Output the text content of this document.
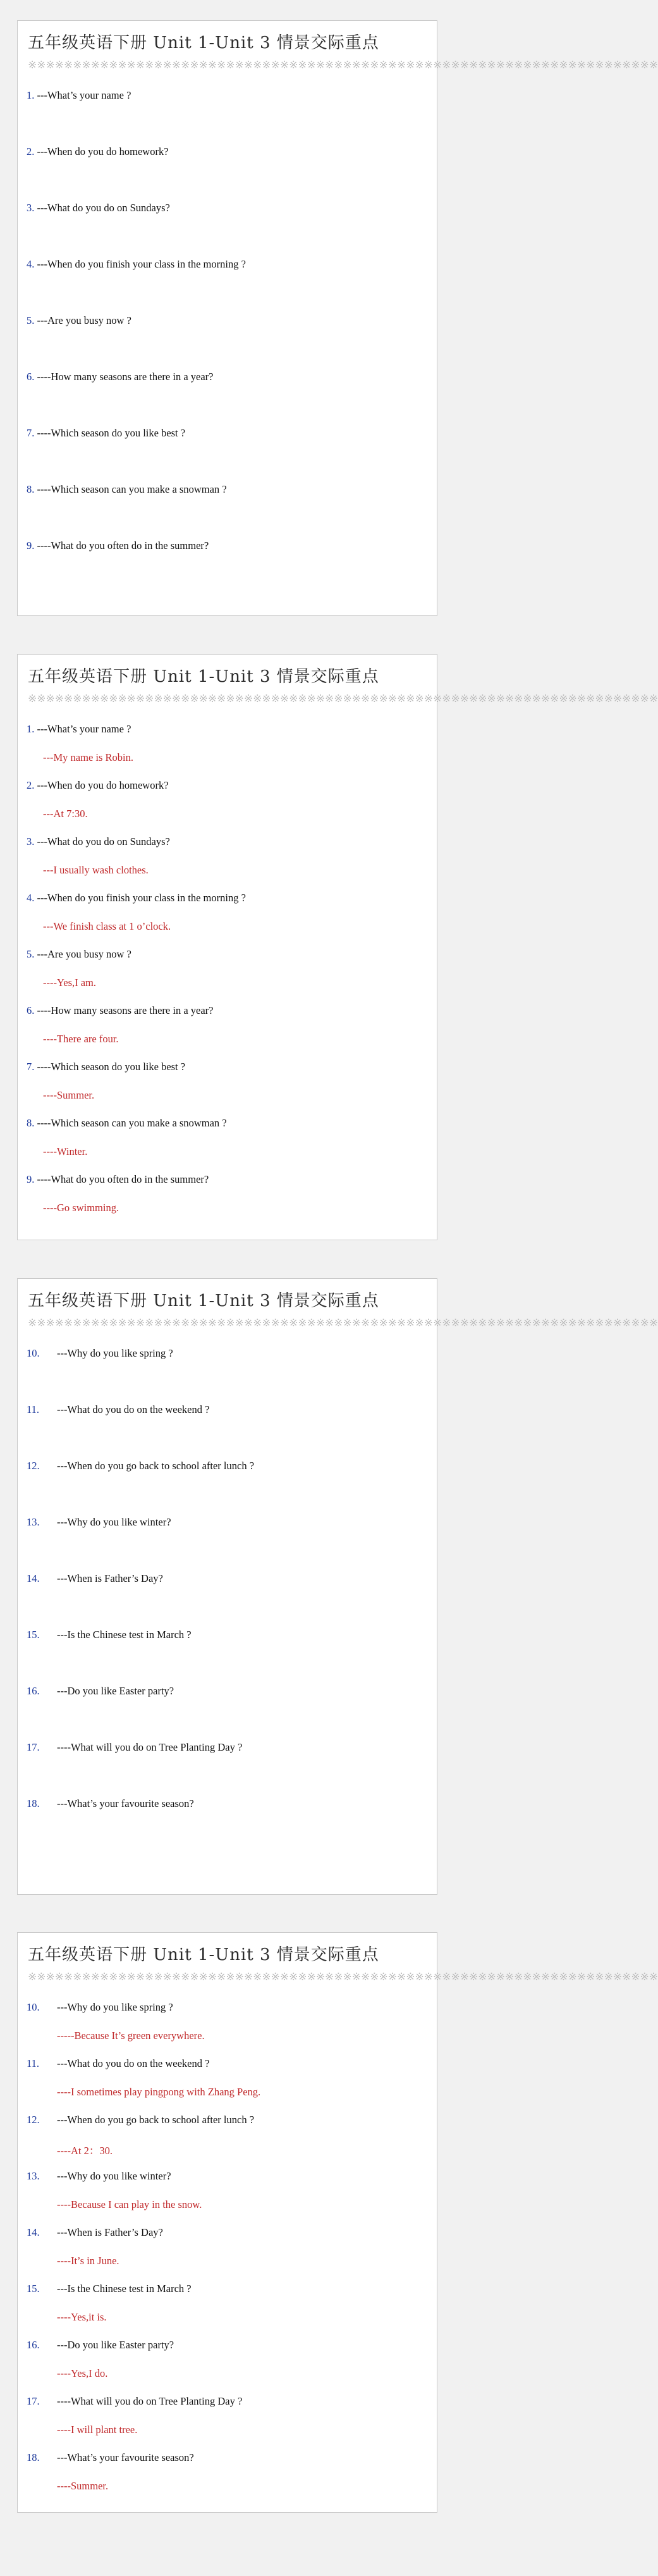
五年级英语下册 Unit 1-Unit 3 情景交际重点
※※※※※※※※※※※※※※※※※※※※※※※※※※※※※※※※※※※※※※※※※※※※※※※※※※※※※※※※※※※※※※※※※※※※※※
1. ---What’s your name ?
2. ---When do you do homework?
3. ---What do you do on Sundays?
4. ---When do you finish your class in the morning ?
5. ---Are you busy now ?
6. ----How many seasons are there in a year?
7. ----Which season do you like best ?
8. ----Which season can you make a snowman ?
9. ----What do you often do in the summer?
五年级英语下册 Unit 1-Unit 3 情景交际重点
※※※※※※※※※※※※※※※※※※※※※※※※※※※※※※※※※※※※※※※※※※※※※※※※※※※※※※※※※※※※※※※※※※※※※※
1. ---What’s your name ?
---My name is Robin.
2. ---When do you do homework?
---At 7:30.
3. ---What do you do on Sundays?
---I usually wash clothes.
4. ---When do you finish your class in the morning ?
---We finish class at 1 o’clock.
5. ---Are you busy now ?
----Yes,I am.
6. ----How many seasons are there in a year?
----There are four.
7. ----Which season do you like best ?
----Summer.
8. ----Which season can you make a snowman ?
----Winter.
9. ----What do you often do in the summer?
----Go swimming.
五年级英语下册 Unit 1-Unit 3 情景交际重点
※※※※※※※※※※※※※※※※※※※※※※※※※※※※※※※※※※※※※※※※※※※※※※※※※※※※※※※※※※※※※※※※※※※※※※
10. ---Why do you like spring ?
11. ---What do you do on the weekend ?
12. ---When do you go back to school after lunch ?
13. ---Why do you like winter?
14. ---When is Father’s Day?
15. ---Is the Chinese test in March ?
16. ---Do you like Easter party?
17. ----What will you do on Tree Planting Day ?
18. ---What’s your favourite season?
五年级英语下册 Unit 1-Unit 3 情景交际重点
※※※※※※※※※※※※※※※※※※※※※※※※※※※※※※※※※※※※※※※※※※※※※※※※※※※※※※※※※※※※※※※※※※※※※※
10. ---Why do you like spring ?
-----Because It’s green everywhere.
11. ---What do you do on the weekend ?
----I sometimes play pingpong with Zhang Peng.
12. ---When do you go back to school after lunch ?
----At 2：30.
13. ---Why do you like winter?
----Because I can play in the snow.
14. ---When is Father’s Day?
----It’s in June.
15. ---Is the Chinese test in March ?
----Yes,it is.
16. ---Do you like Easter party?
----Yes,I do.
17. ----What will you do on Tree Planting Day ?
----I will plant tree.
18. ---What’s your favourite season?
----Summer.
